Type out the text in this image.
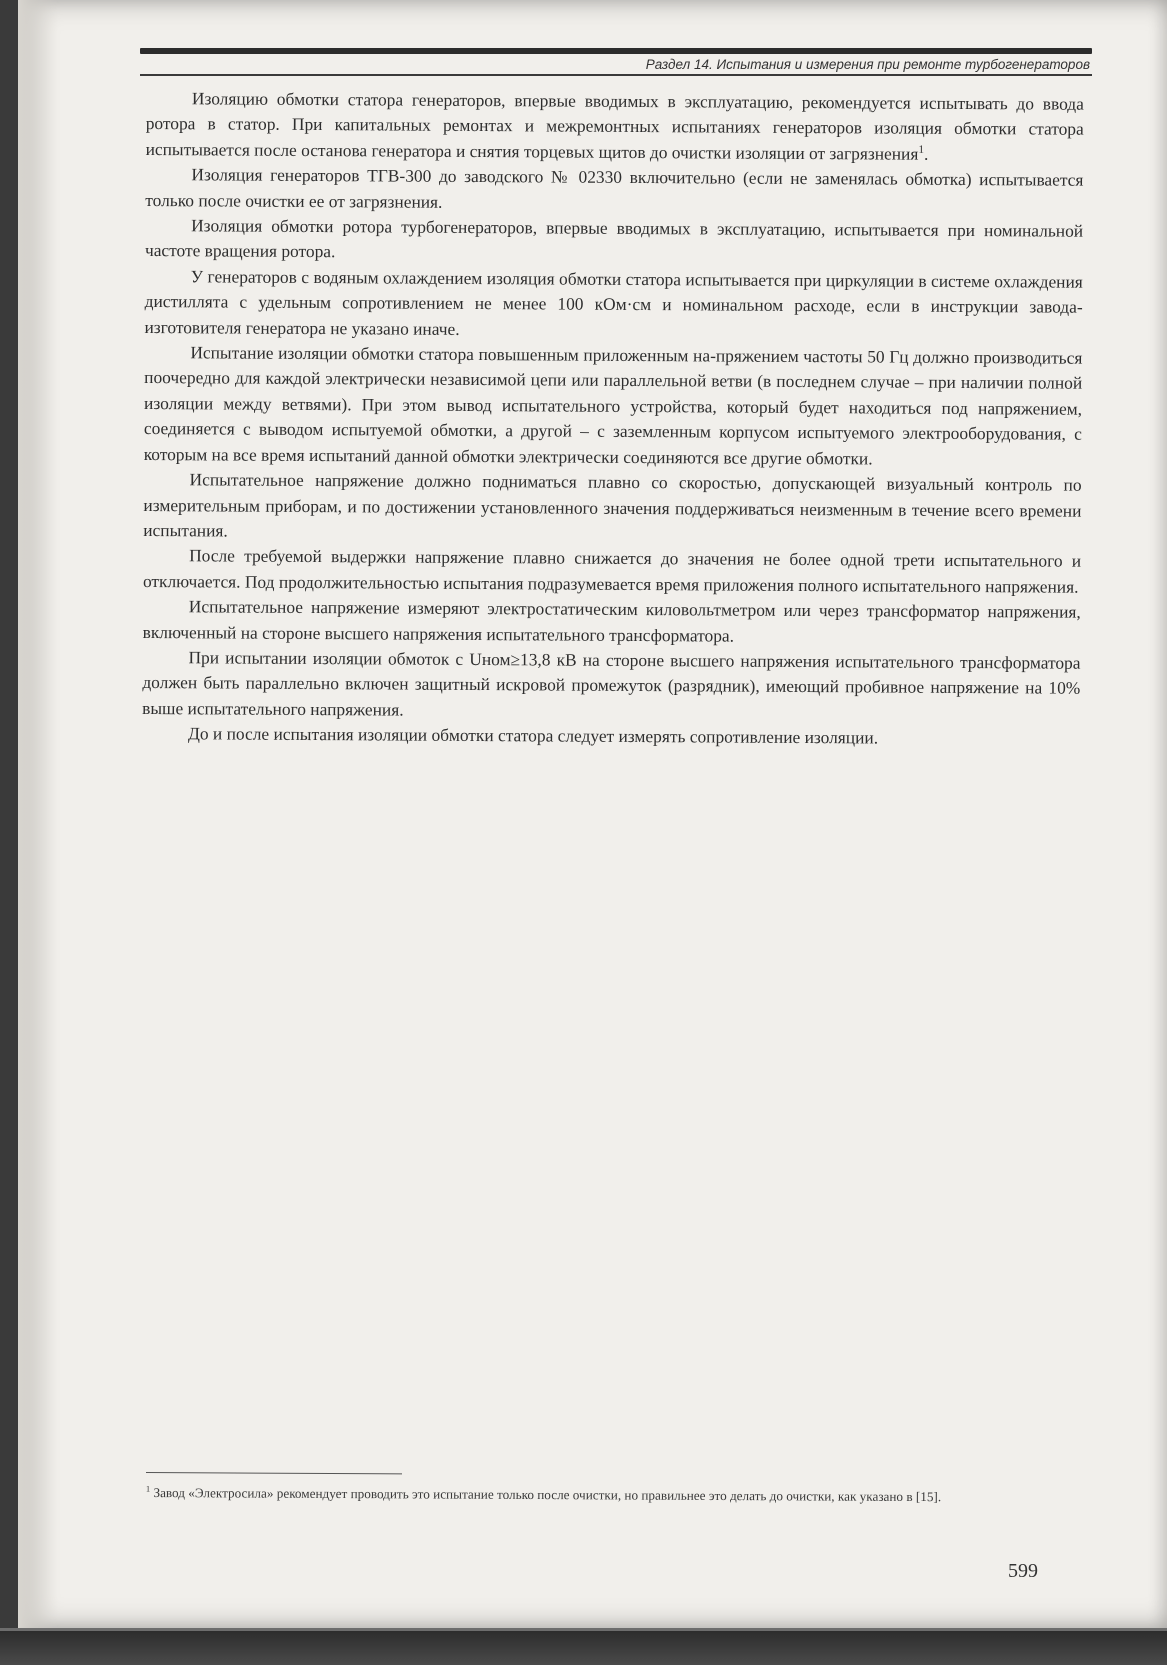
Раздел 14. Испытания и измерения при ремонте турбогенераторов

Изоляцию обмотки статора генераторов, впервые вводимых в эксплуатацию, рекомендуется испытывать до ввода ротора в статор. При капитальных ремонтах и межремонтных испытаниях генераторов изоляция обмотки статора испытывается после останова генератора и снятия торцевых щитов до очистки изоляции от загрязнения$^1$.

Изоляция генераторов ТГВ-300 до заводского № 02330 включительно (если не заменялась обмотка) испытывается только после очистки ее от загрязнения.

Изоляция обмотки ротора турбогенераторов, впервые вводимых в эксплуатацию, испытывается при номинальной частоте вращения ротора.

У генераторов с водяным охлаждением изоляция обмотки статора испытывается при циркуляции в системе охлаждения дистиллята с удельным сопротивлением не менее 100 кОм·см и номинальном расходе, если в инструкции завода-изготовителя генератора не указано иначе.

Испытание изоляции обмотки статора повышенным приложенным на-пряжением частоты 50 Гц должно производиться поочередно для каждой электрически независимой цепи или параллельной ветви (в последнем случае – при наличии полной изоляции между ветвями). При этом вывод испытательного устройства, который будет находиться под напряжением, соединяется с выводом испытуемой обмотки, а другой – с заземленным корпусом испытуемого электрооборудования, с которым на все время испытаний данной обмотки электрически соединяются все другие обмотки.

Испытательное напряжение должно подниматься плавно со скоростью, допускающей визуальный контроль по измерительным приборам, и по достижении установленного значения поддерживаться неизменным в течение всего времени испытания.

После требуемой выдержки напряжение плавно снижается до значения не более одной трети испытательного и отключается. Под продолжительностью испытания подразумевается время приложения полного испытательного напряжения.

Испытательное напряжение измеряют электростатическим киловольтметром или через трансформатор напряжения, включенный на стороне высшего напряжения испытательного трансформатора.

При испытании изоляции обмоток с Uном≥13,8 кВ на стороне высшего напряжения испытательного трансформатора должен быть параллельно включен защитный искровой промежуток (разрядник), имеющий пробивное напряжение на 10% выше испытательного напряжения.

До и после испытания изоляции обмотки статора следует измерять сопротивление изоляции.

$^1$ Завод «Электросила» рекомендует проводить это испытание только после очистки, но правильнее это делать до очистки, как указано в [15].

599
